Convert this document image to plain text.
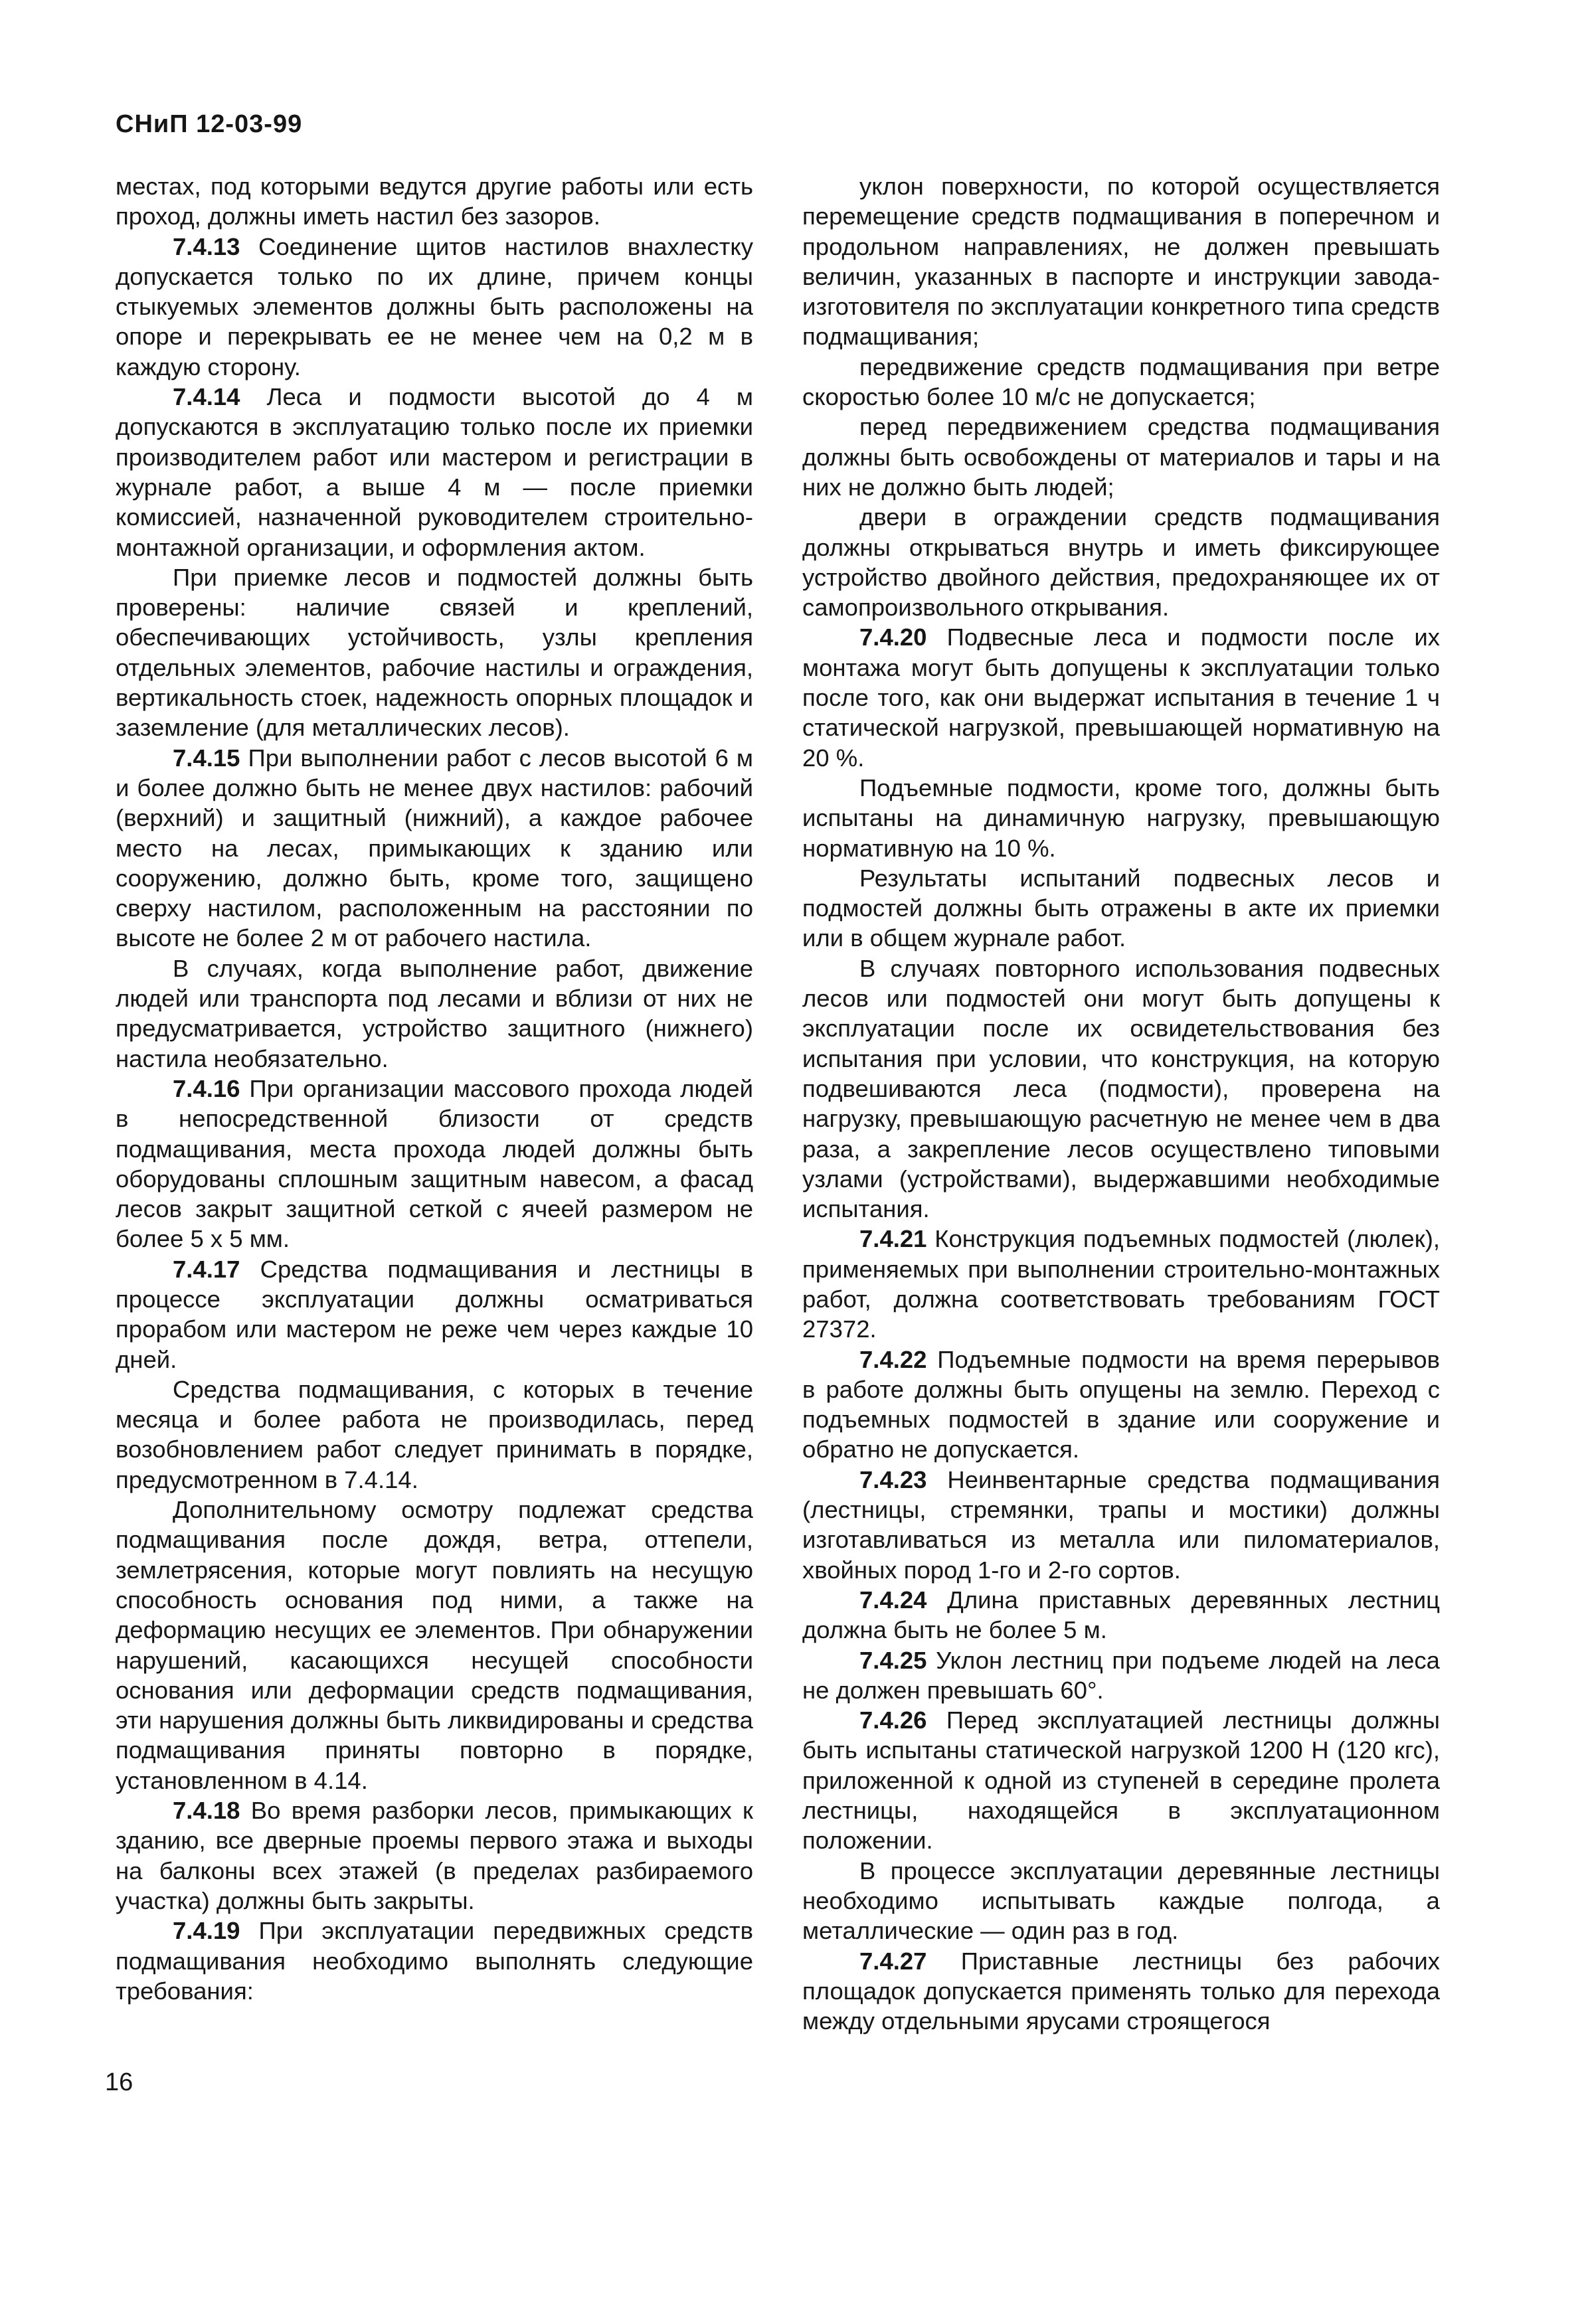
СНиП 12-03-99

местах, под которыми ведутся другие работы или есть проход, должны иметь настил без зазоров.

7.4.13 Соединение щитов настилов внахлестку допускается только по их длине, причем концы стыкуемых элементов должны быть расположены на опоре и перекрывать ее не менее чем на 0,2 м в каждую сторону.

7.4.14 Леса и подмости высотой до 4 м допускаются в эксплуатацию только после их приемки производителем работ или мастером и регистрации в журнале работ, а выше 4 м — после приемки комиссией, назначенной руководителем строительно-монтажной организации, и оформления актом.

При приемке лесов и подмостей должны быть проверены: наличие связей и креплений, обеспечивающих устойчивость, узлы крепления отдельных элементов, рабочие настилы и ограждения, вертикальность стоек, надежность опорных площадок и заземление (для металлических лесов).

7.4.15 При выполнении работ с лесов высотой 6 м и более должно быть не менее двух настилов: рабочий (верхний) и защитный (нижний), а каждое рабочее место на лесах, примыкающих к зданию или сооружению, должно быть, кроме того, защищено сверху настилом, расположенным на расстоянии по высоте не более 2 м от рабочего настила.

В случаях, когда выполнение работ, движение людей или транспорта под лесами и вблизи от них не предусматривается, устройство защитного (нижнего) настила необязательно.

7.4.16 При организации массового прохода людей в непосредственной близости от средств подмащивания, места прохода людей должны быть оборудованы сплошным защитным навесом, а фасад лесов закрыт защитной сеткой с ячеей размером не более 5 х 5 мм.

7.4.17 Средства подмащивания и лестницы в процессе эксплуатации должны осматриваться прорабом или мастером не реже чем через каждые 10 дней.

Средства подмащивания, с которых в течение месяца и более работа не производилась, перед возобновлением работ следует принимать в порядке, предусмотренном в 7.4.14.

Дополнительному осмотру подлежат средства подмащивания после дождя, ветра, оттепели, землетрясения, которые могут повлиять на несущую способность основания под ними, а также на деформацию несущих ее элементов. При обнаружении нарушений, касающихся несущей способности основания или деформации средств подмащивания, эти нарушения должны быть ликвидированы и средства подмащивания приняты повторно в порядке, установленном в 4.14.

7.4.18 Во время разборки лесов, примыкающих к зданию, все дверные проемы первого этажа и выходы на балконы всех этажей (в пределах разбираемого участка) должны быть закрыты.

7.4.19 При эксплуатации передвижных средств подмащивания необходимо выполнять следующие требования:

уклон поверхности, по которой осуществляется перемещение средств подмащивания в поперечном и продольном направлениях, не должен превышать величин, указанных в паспорте и инструкции завода-изготовителя по эксплуатации конкретного типа средств подмащивания;

передвижение средств подмащивания при ветре скоростью более 10 м/с не допускается;

перед передвижением средства подмащивания должны быть освобождены от материалов и тары и на них не должно быть людей;

двери в ограждении средств подмащивания должны открываться внутрь и иметь фиксирующее устройство двойного действия, предохраняющее их от самопроизвольного открывания.

7.4.20 Подвесные леса и подмости после их монтажа могут быть допущены к эксплуатации только после того, как они выдержат испытания в течение 1 ч статической нагрузкой, превышающей нормативную на 20 %.

Подъемные подмости, кроме того, должны быть испытаны на динамичную нагрузку, превышающую нормативную на 10 %.

Результаты испытаний подвесных лесов и подмостей должны быть отражены в акте их приемки или в общем журнале работ.

В случаях повторного использования подвесных лесов или подмостей они могут быть допущены к эксплуатации после их освидетельствования без испытания при условии, что конструкция, на которую подвешиваются леса (подмости), проверена на нагрузку, превышающую расчетную не менее чем в два раза, а закрепление лесов осуществлено типовыми узлами (устройствами), выдержавшими необходимые испытания.

7.4.21 Конструкция подъемных подмостей (люлек), применяемых при выполнении строительно-монтажных работ, должна соответствовать требованиям ГОСТ 27372.

7.4.22 Подъемные подмости на время перерывов в работе должны быть опущены на землю. Переход с подъемных подмостей в здание или сооружение и обратно не допускается.

7.4.23 Неинвентарные средства подмащивания (лестницы, стремянки, трапы и мостики) должны изготавливаться из металла или пиломатериалов, хвойных пород 1-го и 2-го сортов.

7.4.24 Длина приставных деревянных лестниц должна быть не более 5 м.

7.4.25 Уклон лестниц при подъеме людей на леса не должен превышать 60°.

7.4.26 Перед эксплуатацией лестницы должны быть испытаны статической нагрузкой 1200 Н (120 кгс), приложенной к одной из ступеней в середине пролета лестницы, находящейся в эксплуатационном положении.

В процессе эксплуатации деревянные лестницы необходимо испытывать каждые полгода, а металлические — один раз в год.

7.4.27 Приставные лестницы без рабочих площадок допускается применять только для перехода между отдельными ярусами строящегося

16
